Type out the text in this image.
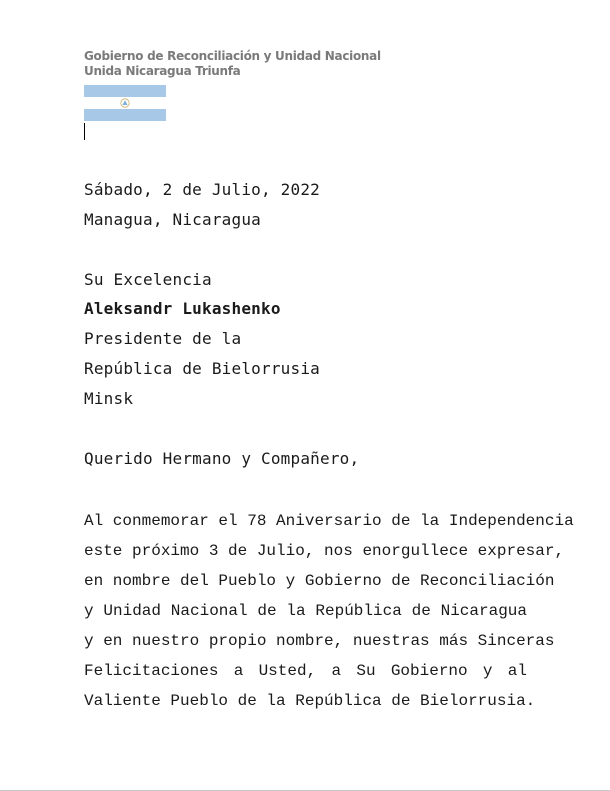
Gobierno de Reconciliación y Unidad Nacional
Unida Nicaragua Triunfa
Sábado, 2 de Julio, 2022
Managua, Nicaragua
Su Excelencia
Aleksandr Lukashenko
Presidente de la
República de Bielorrusia
Minsk
Querido Hermano y Compañero,
Al conmemorar el 78 Aniversario de la Independencia
este próximo 3 de Julio, nos enorgullece expresar,
en nombre del Pueblo y Gobierno de Reconciliación
y Unidad Nacional de la República de Nicaragua
y en nuestro propio nombre, nuestras más Sinceras
Felicitaciones a Usted, a Su Gobierno y al
Valiente Pueblo de la República de Bielorrusia.
